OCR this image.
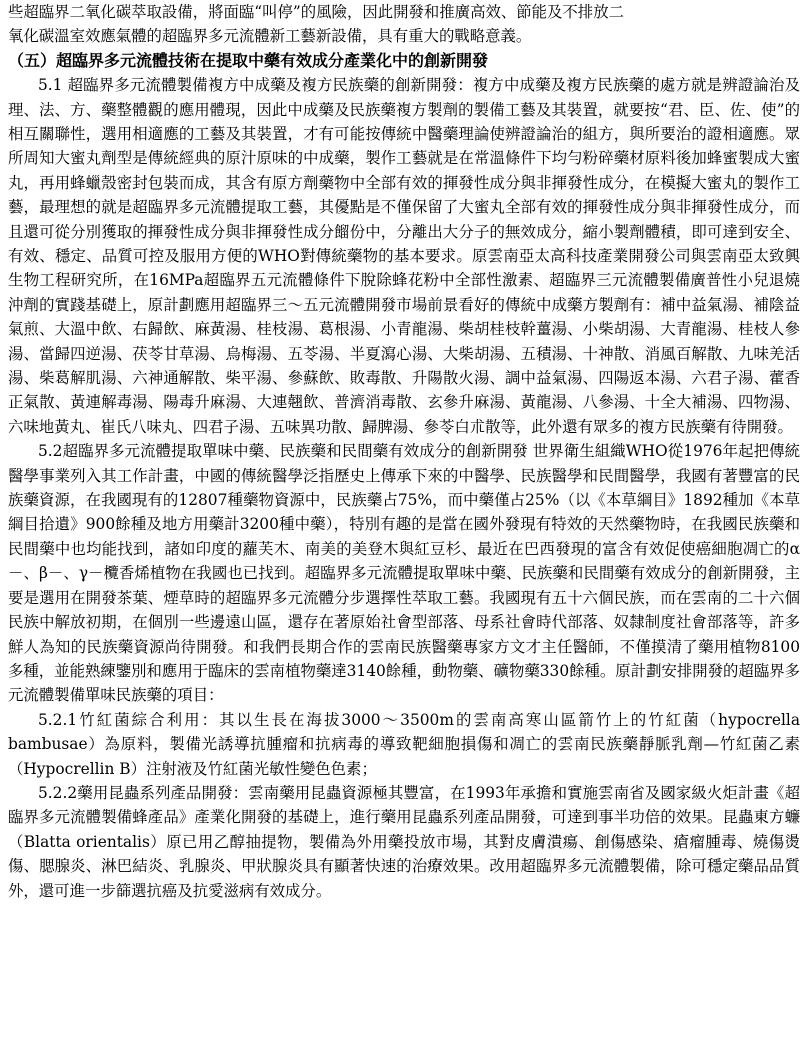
些超臨界二氧化碳萃取設備，將面臨“叫停”的風險，因此開發和推廣高效、節能及不排放二
氧化碳溫室效應氣體的超臨界多元流體新工藝新設備，具有重大的戰略意義。
（五）超臨界多元流體技術在提取中藥有效成分產業化中的創新開發

5.1 超臨界多元流體製備複方中成藥及複方民族藥的創新開發：複方中成藥及複方民族藥的處方就是辨證論治及理、法、方、藥整體觀的應用體現，因此中成藥及民族藥複方製劑的製備工藝及其裝置，就要按“君、臣、佐、使”的相互關聯性，選用相適應的工藝及其裝置，才有可能按傳統中醫藥理論使辨證論治的組方，與所要治的證相適應。眾所周知大蜜丸劑型是傳統經典的原汁原味的中成藥，製作工藝就是在常溫條件下均勻粉碎藥材原料後加蜂蜜製成大蜜丸，再用蜂蠟殼密封包裝而成，其含有原方劑藥物中全部有效的揮發性成分與非揮發性成分，在模擬大蜜丸的製作工藝，最理想的就是超臨界多元流體提取工藝，其優點是不僅保留了大蜜丸全部有效的揮發性成分與非揮發性成分，而且還可從分別獲取的揮發性成分與非揮發性成分餾份中，分離出大分子的無效成分，縮小製劑體積，即可達到安全、有效、穩定、品質可控及服用方便的WHO對傳統藥物的基本要求。原雲南亞太高科技產業開發公司與雲南亞太致興生物工程研究所，在16MPa超臨界五元流體條件下脫除蜂花粉中全部性激素、超臨界三元流體製備廣普性小兒退燒沖劑的實踐基礎上，原計劃應用超臨界三～五元流體開發市場前景看好的傳統中成藥方製劑有：補中益氣湯、補陰益氣煎、大溫中飲、右歸飲、麻黃湯、桂枝湯、葛根湯、小青龍湯、柴胡桂枝幹薑湯、小柴胡湯、大青龍湯、桂枝人參湯、當歸四逆湯、茯苓甘草湯、烏梅湯、五苓湯、半夏瀉心湯、大柴胡湯、五積湯、十神散、消風百解散、九味羌活湯、柴葛解肌湯、六神通解散、柴平湯、參蘇飲、敗毒散、升陽散火湯、調中益氣湯、四陽返本湯、六君子湯、藿香正氣散、黃連解毒湯、陽毒升麻湯、大連翹飲、普濟消毒散、玄參升麻湯、黃龍湯、八參湯、十全大補湯、四物湯、六味地黃丸、崔氏八味丸、四君子湯、五味異功散、歸脾湯、參苓白朮散等，此外還有眾多的複方民族藥有待開發。

5.2超臨界多元流體提取單味中藥、民族藥和民間藥有效成分的創新開發 世界衛生組織WHO從1976年起把傳統醫學事業列入其工作計畫，中國的傳統醫學泛指歷史上傳承下來的中醫學、民族醫學和民間醫學，我國有著豐富的民族藥資源，在我國現有的12807種藥物資源中，民族藥占75%，而中藥僅占25%（以《本草綱目》1892種加《本草綱目拾遺》900餘種及地方用藥計3200種中藥），特別有趣的是當在國外發現有特效的天然藥物時，在我國民族藥和民間藥中也均能找到，諸如印度的蘿芙木、南美的美登木與紅豆杉、最近在巴西發現的富含有效促使癌細胞凋亡的α－、β－、γ－欖香烯植物在我國也已找到。超臨界多元流體提取單味中藥、民族藥和民間藥有效成分的創新開發，主要是選用在開發茶葉、煙草時的超臨界多元流體分步選擇性萃取工藝。我國現有五十六個民族，而在雲南的二十六個民族中解放初期，在個別一些邊遠山區，還存在著原始社會型部落、母系社會時代部落、奴隸制度社會部落等，許多鮮人為知的民族藥資源尚待開發。和我們長期合作的雲南民族醫藥專家方文才主任醫師，不僅摸清了藥用植物8100多種，並能熟練鑒別和應用于臨床的雲南植物藥達3140餘種，動物藥、礦物藥330餘種。原計劃安排開發的超臨界多元流體製備單味民族藥的項目：

5.2.1竹紅菌綜合利用：其以生長在海拔3000～3500m的雲南高寒山區箭竹上的竹紅菌（hypocrella bambusae）為原料，製備光誘導抗腫瘤和抗病毒的導致靶細胞損傷和凋亡的雲南民族藥靜脈乳劑—竹紅菌乙素（Hypocrellin B）注射液及竹紅菌光敏性變色色素；

5.2.2藥用昆蟲系列產品開發：雲南藥用昆蟲資源極其豐富，在1993年承擔和實施雲南省及國家級火炬計畫《超臨界多元流體製備蜂產品》產業化開發的基礎上，進行藥用昆蟲系列產品開發，可達到事半功倍的效果。昆蟲東方蠊（Blatta orientalis）原已用乙醇抽提物，製備為外用藥投放市場，其對皮膚潰瘍、創傷感染、瘡瘤腫毒、燒傷燙傷、腮腺炎、淋巴結炎、乳腺炎、甲狀腺炎具有顯著快速的治療效果。改用超臨界多元流體製備，除可穩定藥品品質外，還可進一步篩選抗癌及抗愛滋病有效成分。
